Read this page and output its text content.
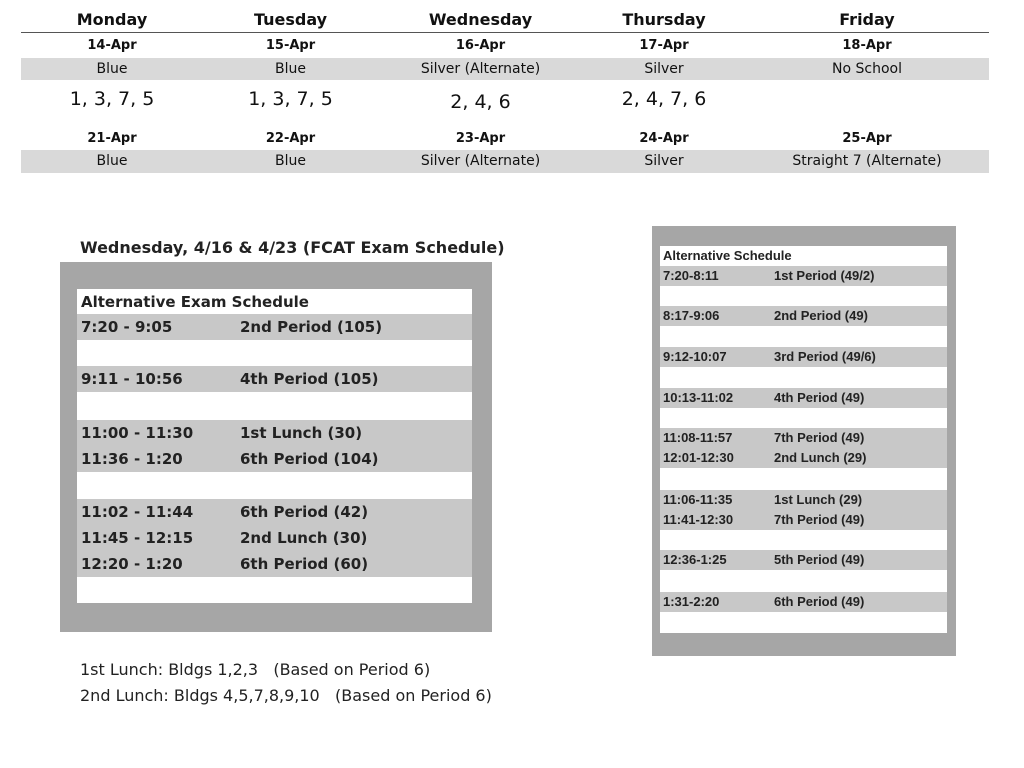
Monday	Tuesday	Wednesday	Thursday	Friday
14-Apr	15-Apr	16-Apr	17-Apr	18-Apr
Blue	Blue	Silver (Alternate)	Silver	No School
1, 3, 7, 5	1, 3, 7, 5	2, 4, 6	2, 4, 7, 6
21-Apr	22-Apr	23-Apr	24-Apr	25-Apr
Blue	Blue	Silver (Alternate)	Silver	Straight 7 (Alternate)
Wednesday, 4/16 & 4/23 (FCAT Exam Schedule)
Alternative Exam Schedule
7:20 - 9:05	2nd Period (105)
9:11 - 10:56	4th Period (105)
11:00 - 11:30	1st Lunch (30)
11:36 - 1:20	6th Period (104)
11:02 - 11:44	6th Period (42)
11:45 - 12:15	2nd Lunch (30)
12:20 - 1:20	6th Period (60)
Alternative Schedule
7:20-8:11	1st Period (49/2)
8:17-9:06	2nd Period (49)
9:12-10:07	3rd Period (49/6)
10:13-11:02	4th Period (49)
11:08-11:57	7th Period (49)
12:01-12:30	2nd Lunch (29)
11:06-11:35	1st Lunch (29)
11:41-12:30	7th Period (49)
12:36-1:25	5th Period (49)
1:31-2:20	6th Period (49)
1st Lunch: Bldgs 1,2,3   (Based on Period 6)
2nd Lunch: Bldgs 4,5,7,8,9,10   (Based on Period 6)
